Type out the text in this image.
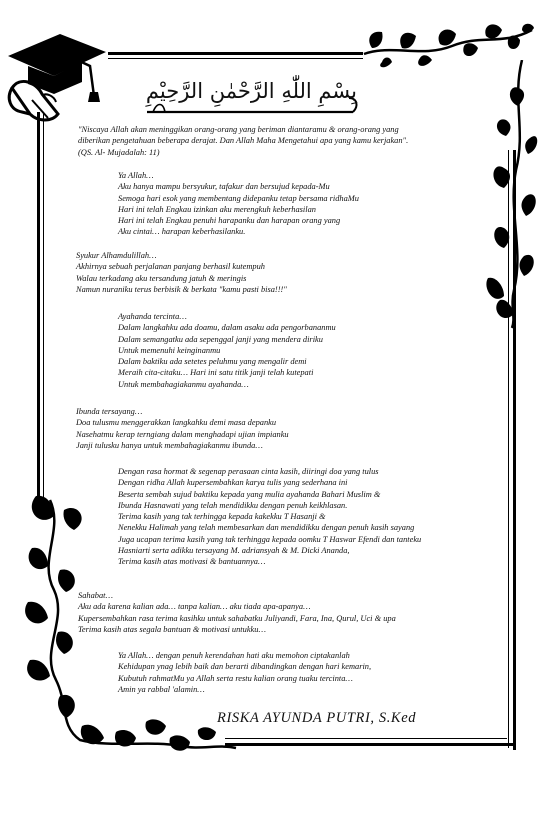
بِسْمِ اللّٰهِ الرَّحْمٰنِ الرَّحِيْمِ
"Niscaya Allah akan meninggikan orang-orang yang beriman diantaramu & orang-orang yang
diberikan pengetahuan beberapa derajat. Dan Allah Maha Mengetahui apa yang kamu kerjakan".
(QS. Al- Mujadalah: 11)
Ya Allah…
Aku hanya mampu bersyukur, tafakur dan bersujud kepada-Mu
Semoga hari esok yang membentang didepanku tetap bersama ridhaMu
Hari ini telah Engkau izinkan aku merengkuh keberhasilan
Hari ini telah Engkau penuhi harapanku dan harapan orang yang
Aku cintai… harapan keberhasilanku.
Syukur Alhamdulillah…
Akhirnya sebuah perjalanan panjang berhasil kutempuh
Walau terkadang aku tersandung jatuh & meringis
Namun nuraniku terus berbisik & berkata "kamu pasti bisa!!!"
Ayahanda tercinta…
Dalam langkahku ada doamu, dalam asaku ada pengorbananmu
Dalam semangatku ada sepenggal janji yang mendera diriku
Untuk memenuhi keinginanmu
Dalam baktiku ada setetes peluhmu yang mengalir demi
Meraih cita-citaku… Hari ini satu titik janji telah kutepati
Untuk membahagiakanmu ayahanda…
Ibunda tersayang…
Doa tulusmu menggerakkan langkahku demi masa depanku
Nasehatmu kerap terngiang dalam menghadapi ujian impianku
Janji tulusku hanya untuk membahagiakanmu ibunda…
Dengan rasa hormat & segenap perasaan cinta kasih, diiringi doa yang tulus
Dengan ridha Allah kupersembahkan karya tulis yang sederhana ini
Beserta sembah sujud baktiku kepada yang mulia ayahanda Bahari Muslim &
Ibunda Hasnawati yang telah mendidikku dengan penuh keikhlasan.
Terima kasih yang tak terhingga kepada kakekku T Hasanji &
Nenekku Halimah yang telah membesarkan dan mendidikku dengan penuh kasih sayang
Juga ucapan terima kasih yang tak terhingga kepada oomku T Haswar Efendi dan tanteku
Hasniarti serta adikku tersayang M. adriansyah & M. Dicki Ananda,
Terima kasih atas motivasi & bantuannya…
Sahabat…
Aku ada karena kalian ada… tanpa kalian… aku tiada apa-apanya…
Kupersembahkan rasa terima kasihku untuk sahabatku Juliyandi, Fara, Ina, Qurul, Uci & upa
Terima kasih atas segala bantuan & motivasi untukku…
Ya Allah… dengan penuh kerendahan hati aku memohon ciptakanlah
Kehidupan ynag lebih baik dan berarti dibandingkan dengan hari kemarin,
Kubutuh rahmatMu ya Allah serta restu kalian orang tuaku tercinta…
Amin ya rabbal 'alamin…
RISKA AYUNDA PUTRI, S.Ked
